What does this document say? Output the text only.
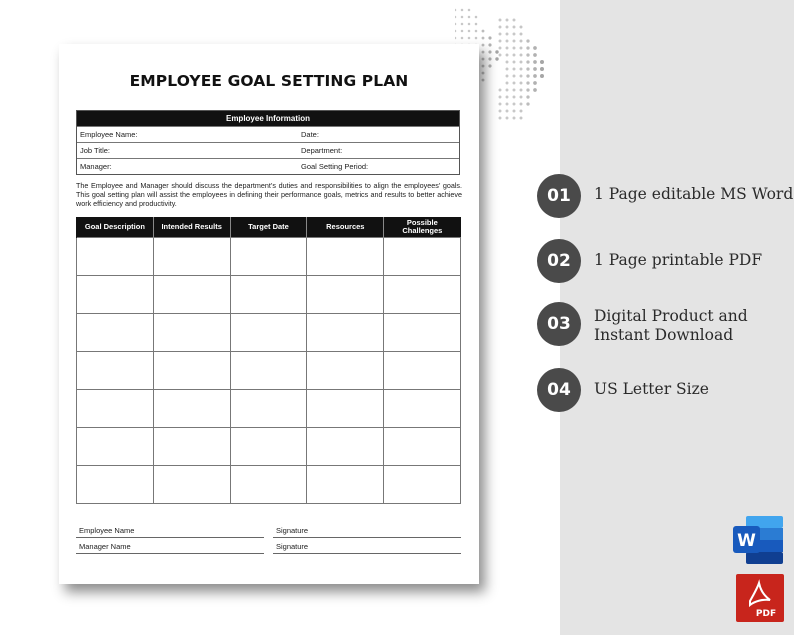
EMPLOYEE GOAL SETTING PLAN
Employee Information
Employee Name:	Date:
Job Title:	Department:
Manager:	Goal Setting Period:
The Employee and Manager should discuss the department’s duties and responsibilities to align the employees’ goals. This goal setting plan will assist the employees in defining their performance goals, metrics and results to better achieve work efficiency and productivity.
Goal Description	Intended Results	Target Date	Resources	Possible Challenges

Employee Name	Signature
Manager Name	Signature
01	1 Page editable MS Word
02	1 Page printable PDF
03	Digital Product and
Instant Download
04	US Letter Size
W
PDF
